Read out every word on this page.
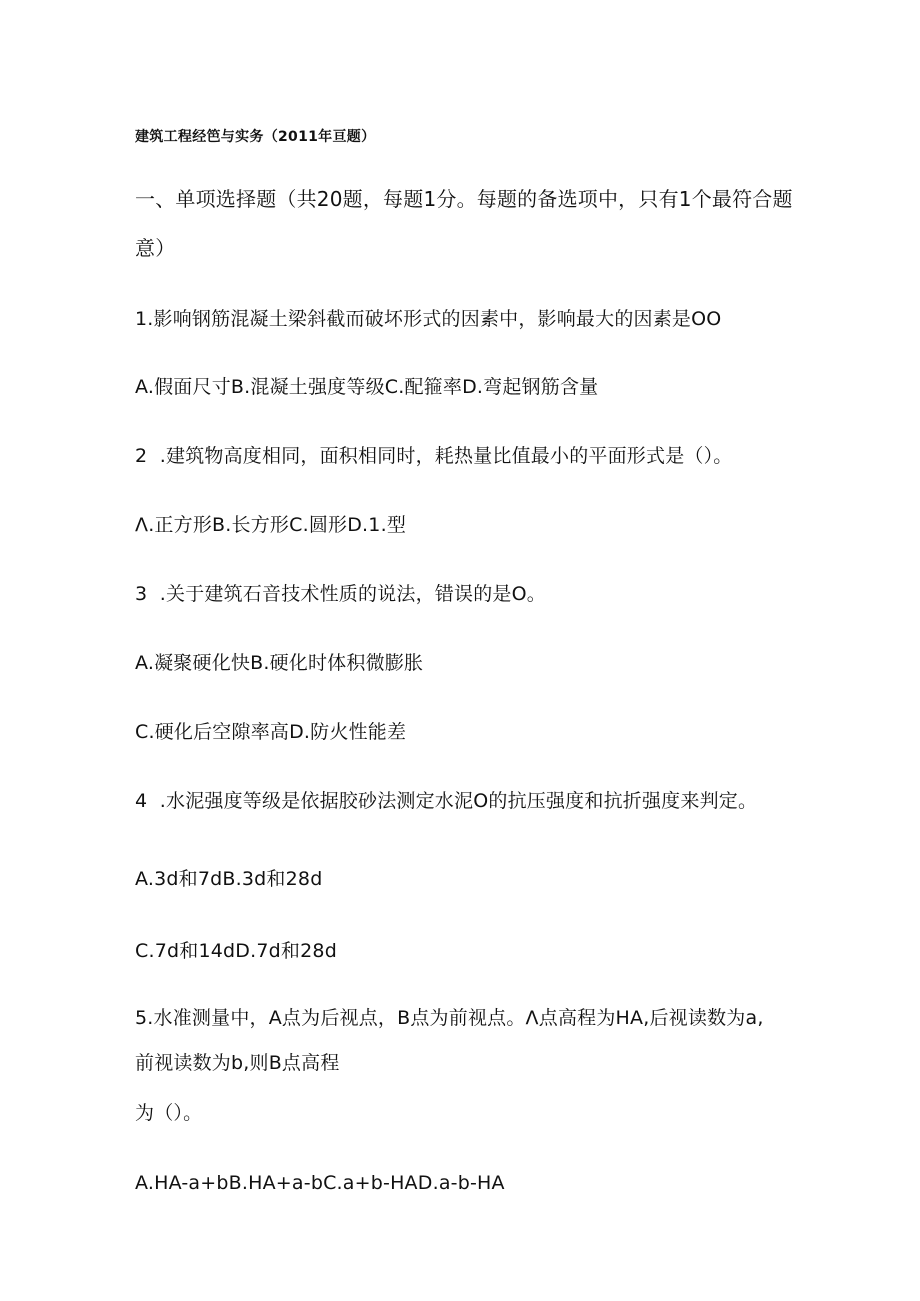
建筑工程经笆与实务（2011年亘题）
一、单项选择题（共20题，每题1分。每题的备选项中，只有1个最符合题
意）
1.影响钢筋混凝土梁斜截而破坏形式的因素中，影响最大的因素是OO
A.假面尺寸B.混凝土强度等级C.配箍率D.弯起钢筋含量
2  .建筑物高度相同，面积相同时，耗热量比值最小的平面形式是（）。
Λ.正方形B.长方形C.圆形D.1.型
3  .关于建筑石音技术性质的说法，错误的是O。
A.凝聚硬化快B.硬化时体积微膨胀
C.硬化后空隙率高D.防火性能差
4  .水泥强度等级是依据胶砂法测定水泥O的抗压强度和抗折强度来判定。
A.3d和7dB.3d和28d
C.7d和14dD.7d和28d
5.水准测量中，A点为后视点，B点为前视点。Λ点高程为HA,后视读数为a,
前视读数为b,则B点高程
为（）。
A.HA-a+bB.HA+a-bC.a+b-HAD.a-b-HA
